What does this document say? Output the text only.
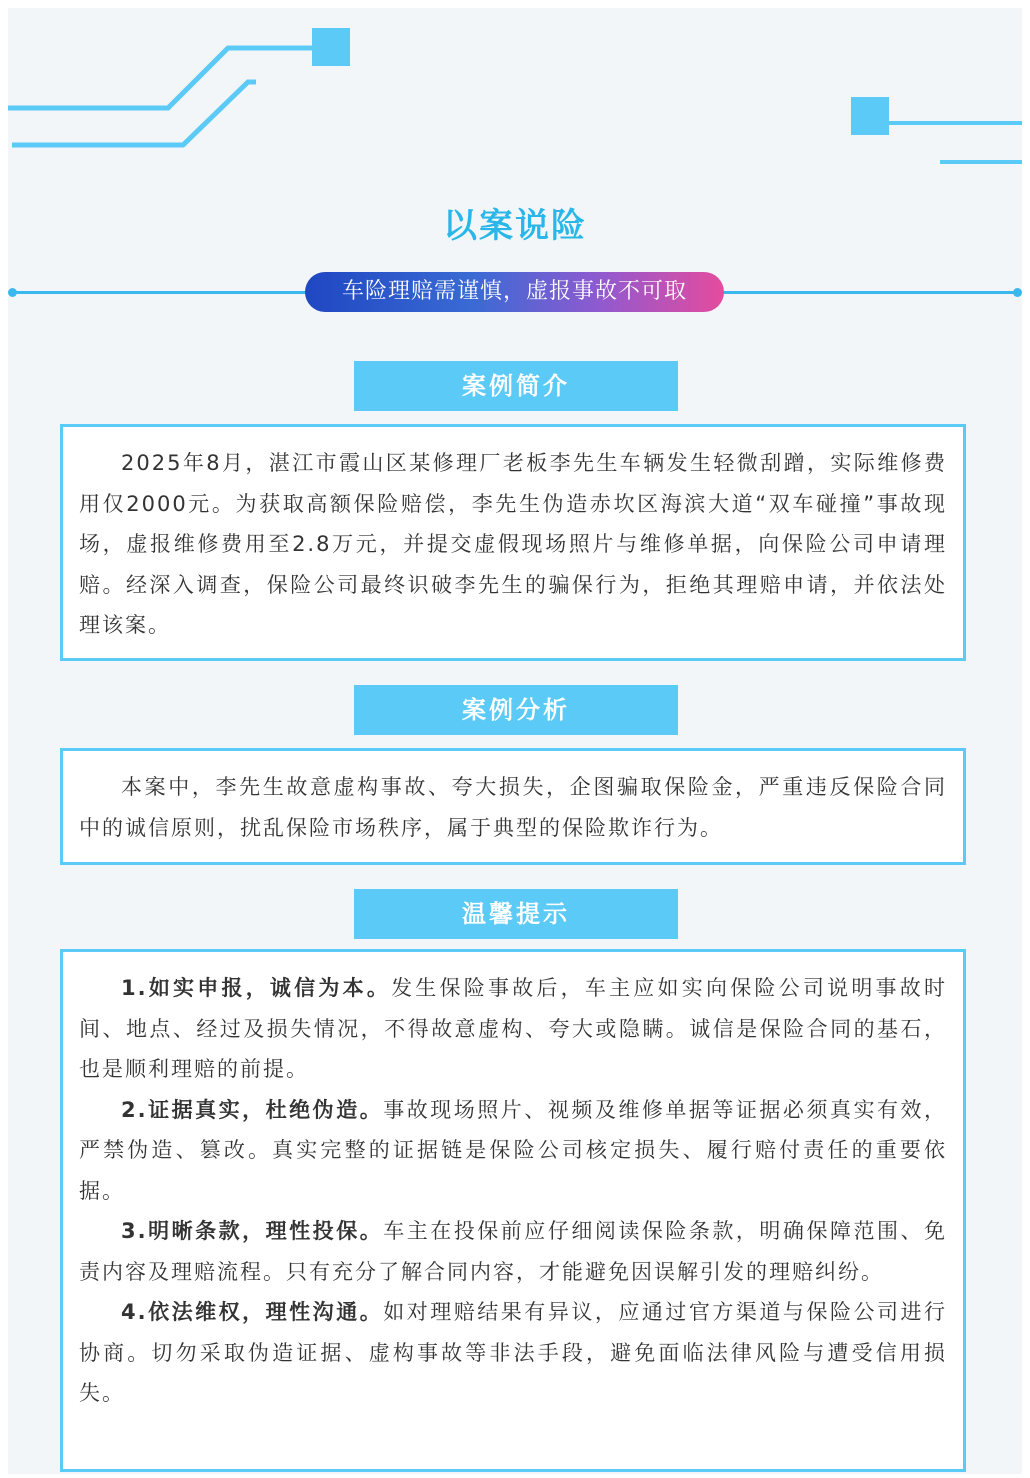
以案说险
车险理赔需谨慎，虚报事故不可取
案例简介

2025年8月，湛江市霞山区某修理厂老板李先生车辆发生轻微刮蹭，实际维修费用仅2000元。为获取高额保险赔偿，李先生伪造赤坎区海滨大道“双车碰撞”事故现场，虚报维修费用至2.8万元，并提交虚假现场照片与维修单据，向保险公司申请理赔。经深入调查，保险公司最终识破李先生的骗保行为，拒绝其理赔申请，并依法处理该案。

案例分析

本案中，李先生故意虚构事故、夸大损失，企图骗取保险金，严重违反保险合同中的诚信原则，扰乱保险市场秩序，属于典型的保险欺诈行为。

温馨提示

1.如实申报，诚信为本。发生保险事故后，车主应如实向保险公司说明事故时间、地点、经过及损失情况，不得故意虚构、夸大或隐瞒。诚信是保险合同的基石，也是顺利理赔的前提。

2.证据真实，杜绝伪造。事故现场照片、视频及维修单据等证据必须真实有效，严禁伪造、篡改。真实完整的证据链是保险公司核定损失、履行赔付责任的重要依据。

3.明晰条款，理性投保。车主在投保前应仔细阅读保险条款，明确保障范围、免责内容及理赔流程。只有充分了解合同内容，才能避免因误解引发的理赔纠纷。

4.依法维权，理性沟通。如对理赔结果有异议，应通过官方渠道与保险公司进行协商。切勿采取伪造证据、虚构事故等非法手段，避免面临法律风险与遭受信用损失。
